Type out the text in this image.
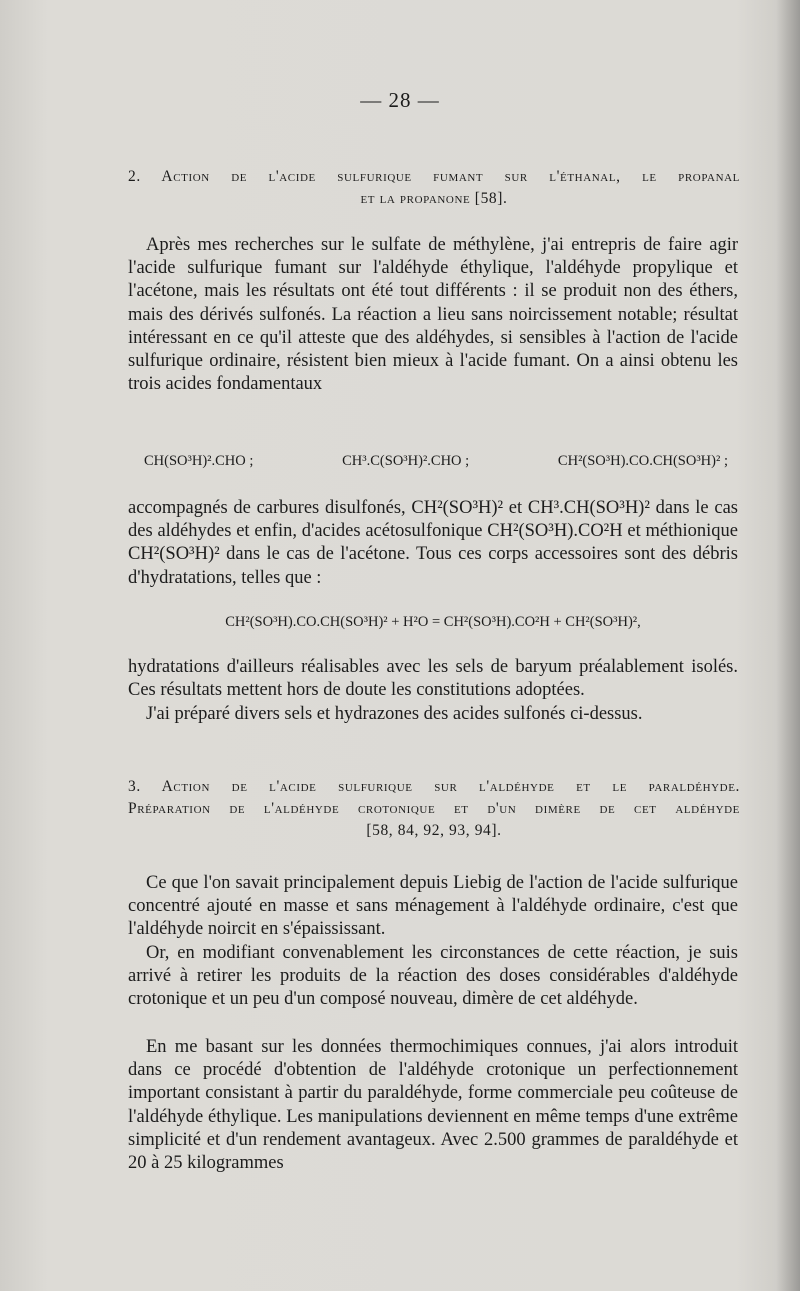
— 28 —
2. Action de l'acide sulfurique fumant sur l'éthanal, le propanal
et la propanone [58].

Après mes recherches sur le sulfate de méthylène, j'ai entrepris de faire agir l'acide sulfurique fumant sur l'aldéhyde éthylique, l'aldéhyde propylique et l'acétone, mais les résultats ont été tout différents : il se produit non des éthers, mais des dérivés sulfonés. La réaction a lieu sans noircissement notable; résultat intéressant en ce qu'il atteste que des aldéhydes, si sensibles à l'action de l'acide sulfurique ordinaire, résistent bien mieux à l'acide fumant. On a ainsi obtenu les trois acides fondamentaux

CH(SO³H)².CHO ;	CH³.C(SO³H)².CHO ;	CH²(SO³H).CO.CH(SO³H)² ;

accompagnés de carbures disulfonés, CH²(SO³H)² et CH³.CH(SO³H)² dans le cas des aldéhydes et enfin, d'acides acétosulfonique CH²(SO³H).CO²H et méthionique CH²(SO³H)² dans le cas de l'acétone. Tous ces corps accessoires sont des débris d'hydratations, telles que :

CH²(SO³H).CO.CH(SO³H)² + H²O = CH²(SO³H).CO²H + CH²(SO³H)²,

hydratations d'ailleurs réalisables avec les sels de baryum préalablement isolés. Ces résultats mettent hors de doute les constitutions adoptées.

J'ai préparé divers sels et hydrazones des acides sulfonés ci-dessus.

3. Action de l'acide sulfurique sur l'aldéhyde et le paraldéhyde.
Préparation de l'aldéhyde crotonique et d'un dimère de cet aldéhyde
[58, 84, 92, 93, 94].

Ce que l'on savait principalement depuis Liebig de l'action de l'acide sulfurique concentré ajouté en masse et sans ménagement à l'aldéhyde ordinaire, c'est que l'aldéhyde noircit en s'épaississant.

Or, en modifiant convenablement les circonstances de cette réaction, je suis arrivé à retirer les produits de la réaction des doses considérables d'aldéhyde crotonique et un peu d'un composé nouveau, dimère de cet aldéhyde.

En me basant sur les données thermochimiques connues, j'ai alors introduit dans ce procédé d'obtention de l'aldéhyde crotonique un perfectionnement important consistant à partir du paraldéhyde, forme commerciale peu coûteuse de l'aldéhyde éthylique. Les manipulations deviennent en même temps d'une extrême simplicité et d'un rendement avantageux. Avec 2.500 grammes de paraldéhyde et 20 à 25 kilogrammes
